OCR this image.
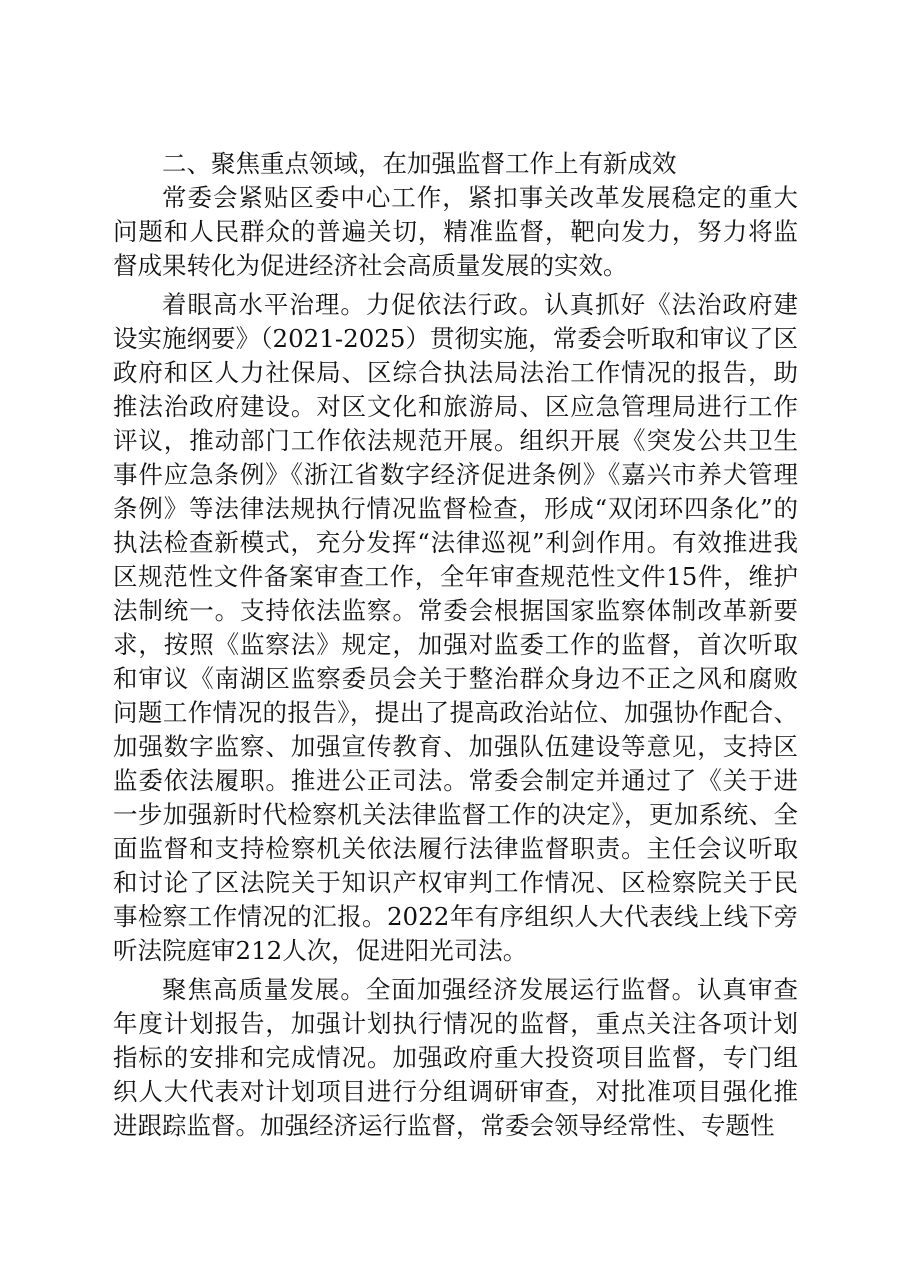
二、聚焦重点领域，在加强监督工作上有新成效

常委会紧贴区委中心工作，紧扣事关改革发展稳定的重大问题和人民群众的普遍关切，精准监督，靶向发力，努力将监督成果转化为促进经济社会高质量发展的实效。

着眼高水平治理。力促依法行政。认真抓好《法治政府建设实施纲要》（2021-2025）贯彻实施，常委会听取和审议了区政府和区人力社保局、区综合执法局法治工作情况的报告，助推法治政府建设。对区文化和旅游局、区应急管理局进行工作评议，推动部门工作依法规范开展。组织开展《突发公共卫生事件应急条例》《浙江省数字经济促进条例》《嘉兴市养犬管理条例》等法律法规执行情况监督检查，形成“双闭环四条化”的执法检查新模式，充分发挥“法律巡视”利剑作用。有效推进我区规范性文件备案审查工作，全年审查规范性文件15件，维护法制统一。支持依法监察。常委会根据国家监察体制改革新要求，按照《监察法》规定，加强对监委工作的监督，首次听取和审议《南湖区监察委员会关于整治群众身边不正之风和腐败问题工作情况的报告》，提出了提高政治站位、加强协作配合、加强数字监察、加强宣传教育、加强队伍建设等意见，支持区监委依法履职。推进公正司法。常委会制定并通过了《关于进一步加强新时代检察机关法律监督工作的决定》，更加系统、全面监督和支持检察机关依法履行法律监督职责。主任会议听取和讨论了区法院关于知识产权审判工作情况、区检察院关于民事检察工作情况的汇报。2022年有序组织人大代表线上线下旁听法院庭审212人次，促进阳光司法。

聚焦高质量发展。全面加强经济发展运行监督。认真审查年度计划报告，加强计划执行情况的监督，重点关注各项计划指标的安排和完成情况。加强政府重大投资项目监督，专门组织人大代表对计划项目进行分组调研审查，对批准项目强化推进跟踪监督。加强经济运行监督，常委会领导经常性、专题性
